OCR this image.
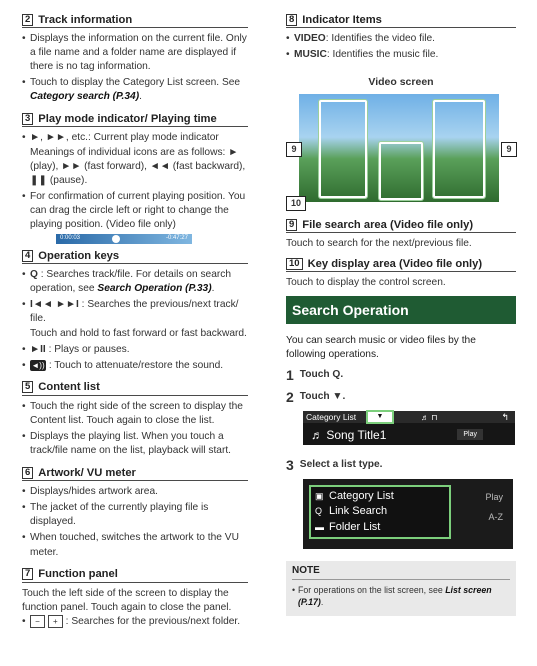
2 Track information
• Displays the information on the current file. Only a file name and a folder name are displayed if there is no tag information.
• Touch to display the Category List screen. See Category search (P.34).
3 Play mode indicator/ Playing time
• ►, ►►, etc.: Current play mode indicator
Meanings of individual icons are as follows: ► (play), ►► (fast forward), ◄◄ (fast backward), ❚❚ (pause).
• For confirmation of current playing position. You can drag the circle left or right to change the playing position. (Video file only)
0:00:03	-0:47:27
4 Operation keys
• Q : Searches track/file. For details on search operation, see Search Operation (P.33).
• I◄◄ ►►I : Searches the previous/next track/ file.
Touch and hold to fast forward or fast backward.
• ►II : Plays or pauses.
• ◄)) : Touch to attenuate/restore the sound.
5 Content list
• Touch the right side of the screen to display the Content list. Touch again to close the list.
• Displays the playing list. When you touch a track/file name on the list, playback will start.
6 Artwork/ VU meter
• Displays/hides artwork area.
• The jacket of the currently playing file is displayed.
• When touched, switches the artwork to the VU meter.
7 Function panel
Touch the left side of the screen to display the function panel. Touch again to close the panel.
• − + : Searches for the previous/next folder.
8 Indicator Items
• VIDEO: Identifies the video file.
• MUSIC: Identifies the music file.
Video screen
9	9
10
9 File search area (Video file only)
Touch to search for the next/previous file.
10 Key display area (Video file only)
Touch to display the control screen.
Search Operation
You can search music or video files by the following operations.
1 Touch Q.
2 Touch ▼.
Category List	▼	♬ ⊓	↰
♬ Song Title1	Play
3 Select a list type.
▣ Category List
Q Link Search
▬ Folder List
Play
A-Z
NOTE
• For operations on the list screen, see List screen (P.17).
